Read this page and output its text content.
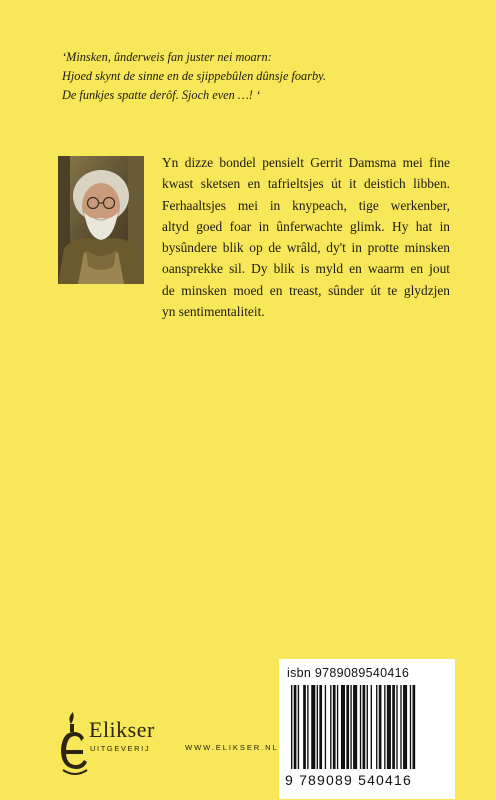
‘Minsken, ûnderweis fan juster nei moarn:
Hjoed skynt de sinne en de sjippebûlen dûnsje foarby.
De funkjes spatte derôf. Sjoch even …! ‘
Yn dizze bondel pensielt Gerrit Damsma mei fine
kwast sketsen en tafrieltsjes út it deistich libben.
Ferhaaltsjes mei in knypeach, tige werkenber,
altyd goed foar in ûnferwachte glimk. Hy hat in
bysûndere blik op de wrâld, dy't in protte minsken
oansprekke sil. Dy blik is myld en waarm en jout
de minsken moed en treast, sûnder út te glydzjen
yn sentimentaliteit.
Elikser
UITGEVERIJ	WWW.ELIKSER.NL
isbn 9789089540416
9 789089 540416
